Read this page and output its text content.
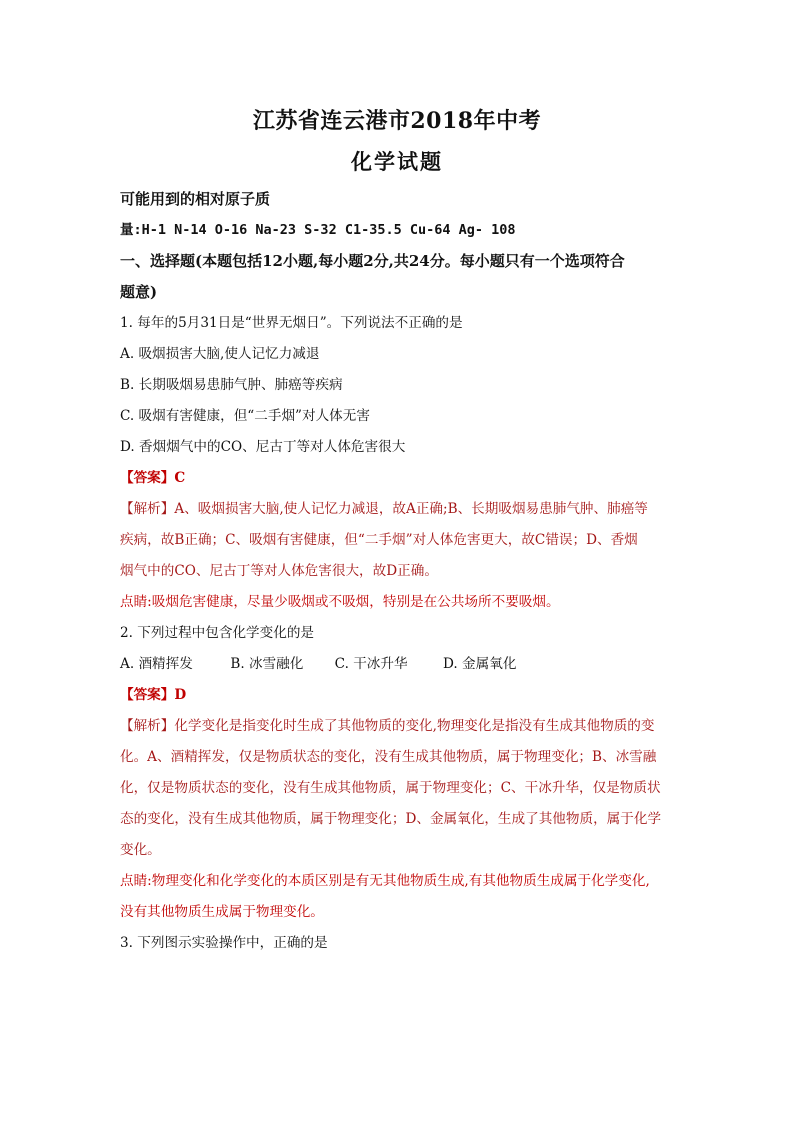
江苏省连云港市2018年中考
化学试题
可能用到的相对原子质
量:H-1 N-14 O-16 Na-23 S-32 C1-35.5 Cu-64 Ag- 108
一、选择题(本题包括12小题,每小题2分,共24分。每小题只有一个选项符合
题意)
1. 每年的5月31日是“世界无烟日”。下列说法不正确的是
A. 吸烟损害大脑,使人记忆力减退
B. 长期吸烟易患肺气肿、肺癌等疾病
C. 吸烟有害健康，但“二手烟”对人体无害
D. 香烟烟气中的CO、尼古丁等对人体危害很大
【答案】C
【解析】A、吸烟损害大脑,使人记忆力减退，故A正确;B、长期吸烟易患肺气肿、肺癌等
疾病，故B正确；C、吸烟有害健康，但“二手烟”对人体危害更大，故C错误；D、香烟
烟气中的CO、尼古丁等对人体危害很大，故D正确。
点睛:吸烟危害健康，尽量少吸烟或不吸烟，特别是在公共场所不要吸烟。
2. 下列过程中包含化学变化的是
A. 酒精挥发	B. 冰雪融化 C. 干冰升华	D. 金属氧化
【答案】D
【解析】化学变化是指变化时生成了其他物质的变化,物理变化是指没有生成其他物质的变
化。A、酒精挥发，仅是物质状态的变化，没有生成其他物质，属于物理变化；B、冰雪融
化，仅是物质状态的变化，没有生成其他物质，属于物理变化；C、干冰升华，仅是物质状
态的变化，没有生成其他物质，属于物理变化；D、金属氧化，生成了其他物质，属于化学
变化。
点睛:物理变化和化学变化的本质区别是有无其他物质生成,有其他物质生成属于化学变化,
没有其他物质生成属于物理变化。
3. 下列图示实验操作中，正确的是
